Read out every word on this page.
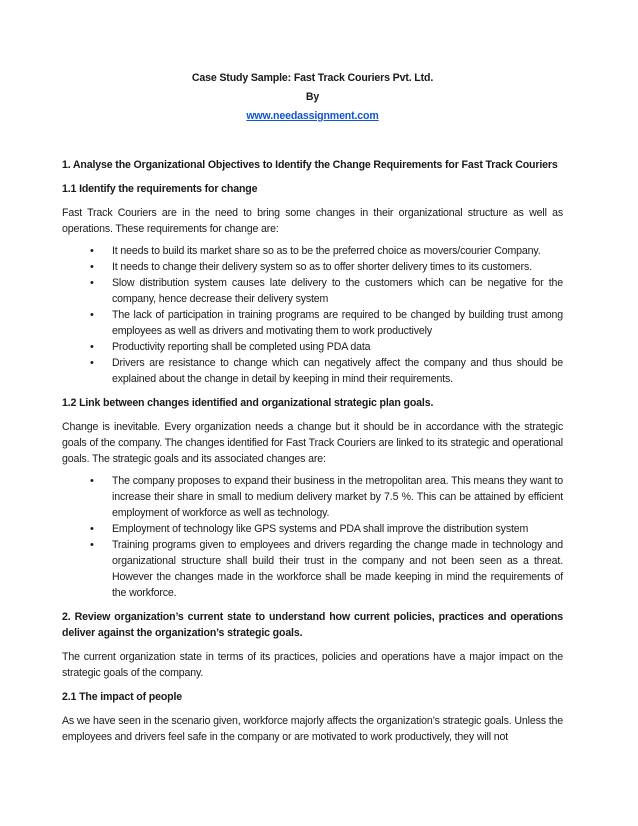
Case Study Sample: Fast Track Couriers Pvt. Ltd.

By

www.needassignment.com

1. Analyse the Organizational Objectives to Identify the Change Requirements for Fast Track Couriers
1.1 Identify the requirements for change

Fast Track Couriers are in the need to bring some changes in their organizational structure as well as operations. These requirements for change are:

• It needs to build its market share so as to be the preferred choice as movers/courier Company.
• It needs to change their delivery system so as to offer shorter delivery times to its customers.
• Slow distribution system causes late delivery to the customers which can be negative for the company, hence decrease their delivery system
• The lack of participation in training programs are required to be changed by building trust among employees as well as drivers and motivating them to work productively
• Productivity reporting shall be completed using PDA data
• Drivers are resistance to change which can negatively affect the company and thus should be explained about the change in detail by keeping in mind their requirements.
1.2 Link between changes identified and organizational strategic plan goals.

Change is inevitable. Every organization needs a change but it should be in accordance with the strategic goals of the company. The changes identified for Fast Track Couriers are linked to its strategic and operational goals. The strategic goals and its associated changes are:

• The company proposes to expand their business in the metropolitan area. This means they want to increase their share in small to medium delivery market by 7.5 %. This can be attained by efficient employment of workforce as well as technology.
• Employment of technology like GPS systems and PDA shall improve the distribution system
• Training programs given to employees and drivers regarding the change made in technology and organizational structure shall build their trust in the company and not been seen as a threat. However the changes made in the workforce shall be made keeping in mind the requirements of the workforce.
2. Review organization’s current state to understand how current policies, practices and operations deliver against the organization’s strategic goals.

The current organization state in terms of its practices, policies and operations have a major impact on the strategic goals of the company.

2.1 The impact of people

As we have seen in the scenario given, workforce majorly affects the organization’s strategic goals. Unless the employees and drivers feel safe in the company or are motivated to work productively, they will not
